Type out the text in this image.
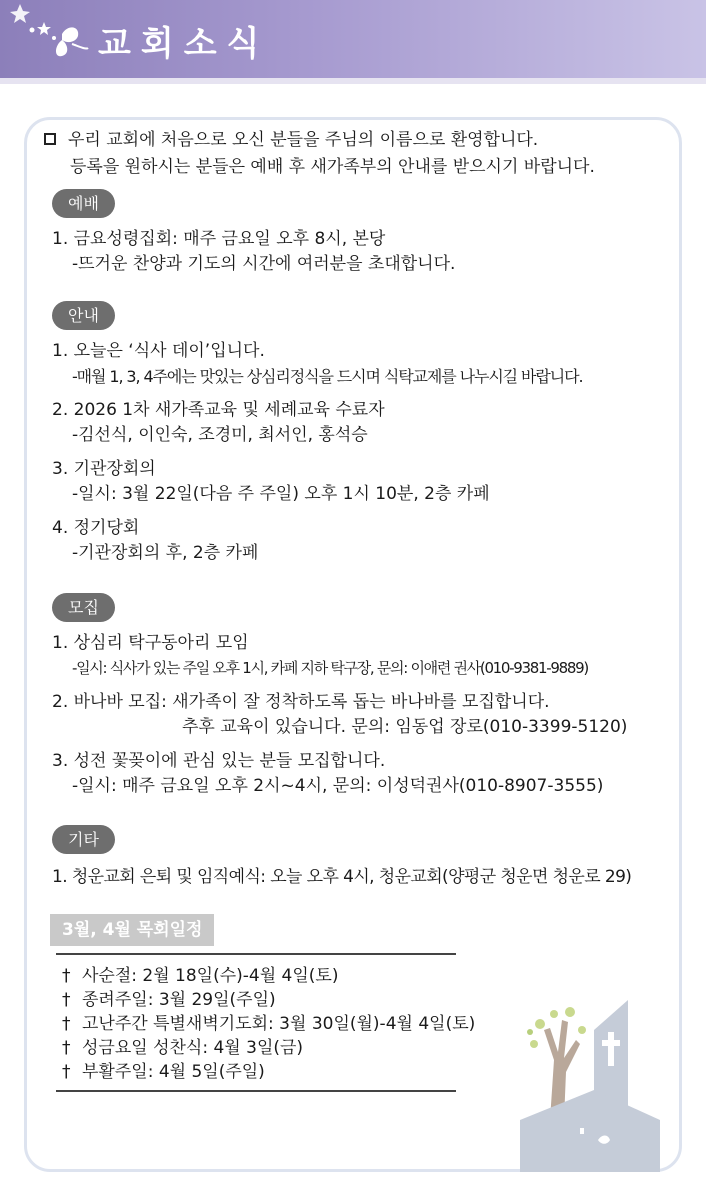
교회소식
우리 교회에 처음으로 오신 분들을 주님의 이름으로 환영합니다.
등록을 원하시는 분들은 예배 후 새가족부의 안내를 받으시기 바랍니다.
예배
1. 금요성령집회: 매주 금요일 오후 8시, 본당
-뜨거운 찬양과 기도의 시간에 여러분을 초대합니다.
안내
1. 오늘은 ‘식사 데이’입니다.
-매월 1, 3, 4주에는 맛있는 상심리정식을 드시며 식탁교제를 나누시길 바랍니다.
2. 2026 1차 새가족교육 및 세례교육 수료자
-김선식, 이인숙, 조경미, 최서인, 홍석승
3. 기관장회의
-일시: 3월 22일(다음 주 주일) 오후 1시 10분, 2층 카페
4. 정기당회
-기관장회의 후, 2층 카페
모집
1. 상심리 탁구동아리 모임
-일시: 식사가 있는 주일 오후 1시, 카페 지하 탁구장, 문의: 이애련 권사(010-9381-9889)
2. 바나바 모집: 새가족이 잘 정착하도록 돕는 바나바를 모집합니다.
추후 교육이 있습니다. 문의: 임동업 장로(010-3399-5120)
3. 성전 꽃꽂이에 관심 있는 분들 모집합니다.
-일시: 매주 금요일 오후 2시~4시, 문의: 이성덕권사(010-8907-3555)
기타
1. 청운교회 은퇴 및 임직예식: 오늘 오후 4시, 청운교회(양평군 청운면 청운로 29)
3월, 4월 목회일정
† 사순절: 2월 18일(수)-4월 4일(토)
† 종려주일: 3월 29일(주일)
† 고난주간 특별새벽기도회: 3월 30일(월)-4월 4일(토)
† 성금요일 성찬식: 4월 3일(금)
† 부활주일: 4월 5일(주일)
